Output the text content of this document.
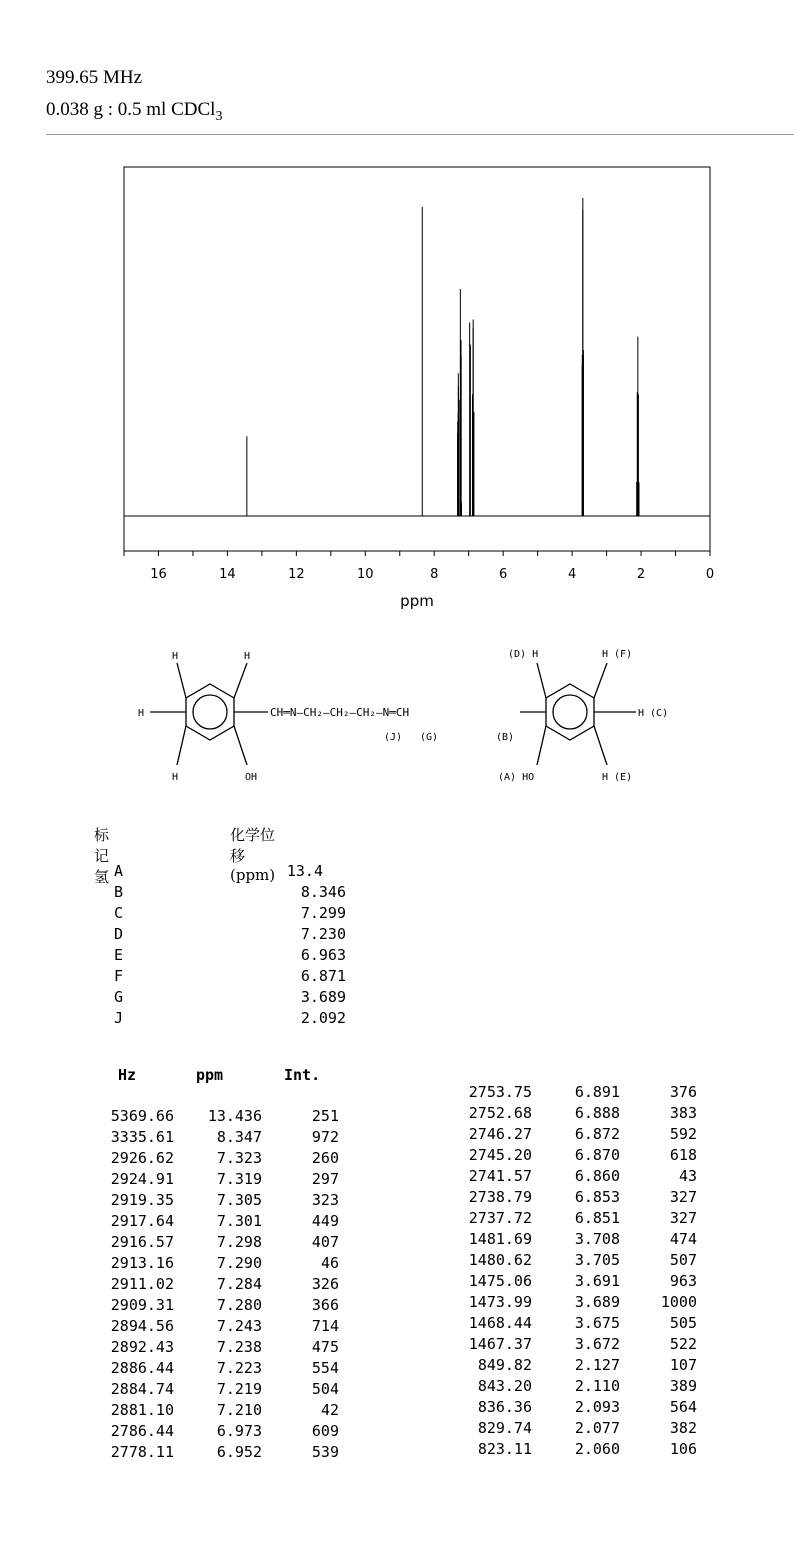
399.65 MHz
0.038 g : 0.5 ml CDCl$_3$
16	14	12	10	8	6	4	2	0
ppm
H	H
H
H	OH
CH═N—CH₂—CH₂—CH₂—N═CH
(J) (G)	(B)
(D) H	H (F)
H (C)
(A) HO	H (E)
标记氢
化学位移(ppm)
A	13.4
B	8.346
C	7.299
D	7.230
E	6.963
F	6.871
G	3.689
J	2.092
Hz	ppm	Int.
5369.66	13.436	251
3335.61	8.347	972
2926.62	7.323	260
2924.91	7.319	297
2919.35	7.305	323
2917.64	7.301	449
2916.57	7.298	407
2913.16	7.290	46
2911.02	7.284	326
2909.31	7.280	366
2894.56	7.243	714
2892.43	7.238	475
2886.44	7.223	554
2884.74	7.219	504
2881.10	7.210	42
2786.44	6.973	609
2778.11	6.952	539
2753.75	6.891	376
2752.68	6.888	383
2746.27	6.872	592
2745.20	6.870	618
2741.57	6.860	43
2738.79	6.853	327
2737.72	6.851	327
1481.69	3.708	474
1480.62	3.705	507
1475.06	3.691	963
1473.99	3.689	1000
1468.44	3.675	505
1467.37	3.672	522
849.82	2.127	107
843.20	2.110	389
836.36	2.093	564
829.74	2.077	382
823.11	2.060	106
